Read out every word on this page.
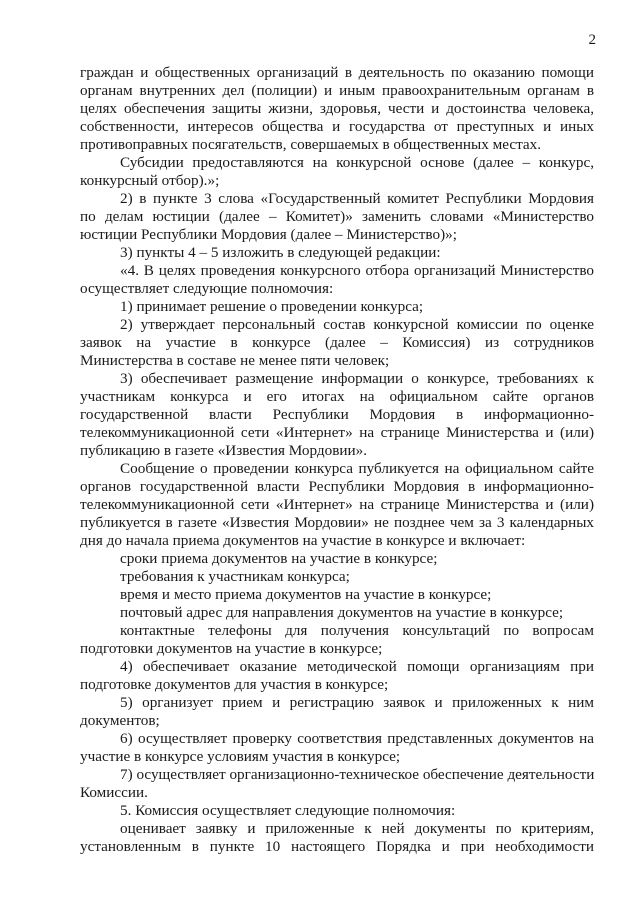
2
граждан и общественных организаций в деятельность по оказанию помощи
органам внутренних дел (полиции) и иным правоохранительным органам в
целях обеспечения защиты жизни, здоровья, чести и достоинства человека,
собственности, интересов общества и государства от преступных и иных
противоправных посягательств, совершаемых в общественных местах.
Субсидии предоставляются на конкурсной основе (далее – конкурс,
конкурсный отбор).»;
2) в пункте 3 слова «Государственный комитет Республики Мордовия
по делам юстиции (далее – Комитет)» заменить словами «Министерство
юстиции Республики Мордовия (далее – Министерство)»;
3) пункты 4 – 5 изложить в следующей редакции:
«4. В целях проведения конкурсного отбора организаций Министерство
осуществляет следующие полномочия:
1) принимает решение о проведении конкурса;
2) утверждает персональный состав конкурсной комиссии по оценке
заявок на участие в конкурсе (далее – Комиссия) из сотрудников
Министерства в составе не менее пяти человек;
3) обеспечивает размещение информации о конкурсе, требованиях к
участникам конкурса и его итогах на официальном сайте органов
государственной власти Республики Мордовия в информационно-
телекоммуникационной сети «Интернет» на странице Министерства и (или)
публикацию в газете «Известия Мордовии».
Сообщение о проведении конкурса публикуется на официальном сайте
органов государственной власти Республики Мордовия в информационно-
телекоммуникационной сети «Интернет» на странице Министерства и (или)
публикуется в газете «Известия Мордовии» не позднее чем за 3 календарных
дня до начала приема документов на участие в конкурсе и включает:
сроки приема документов на участие в конкурсе;
требования к участникам конкурса;
время и место приема документов на участие в конкурсе;
почтовый адрес для направления документов на участие в конкурсе;
контактные телефоны для получения консультаций по вопросам
подготовки документов на участие в конкурсе;
4) обеспечивает оказание методической помощи организациям при
подготовке документов для участия в конкурсе;
5) организует прием и регистрацию заявок и приложенных к ним
документов;
6) осуществляет проверку соответствия представленных документов на
участие в конкурсе условиям участия в конкурсе;
7) осуществляет организационно-техническое обеспечение деятельности
Комиссии.
5. Комиссия осуществляет следующие полномочия:
оценивает заявку и приложенные к ней документы по критериям,
установленным в пункте 10 настоящего Порядка и при необходимости
